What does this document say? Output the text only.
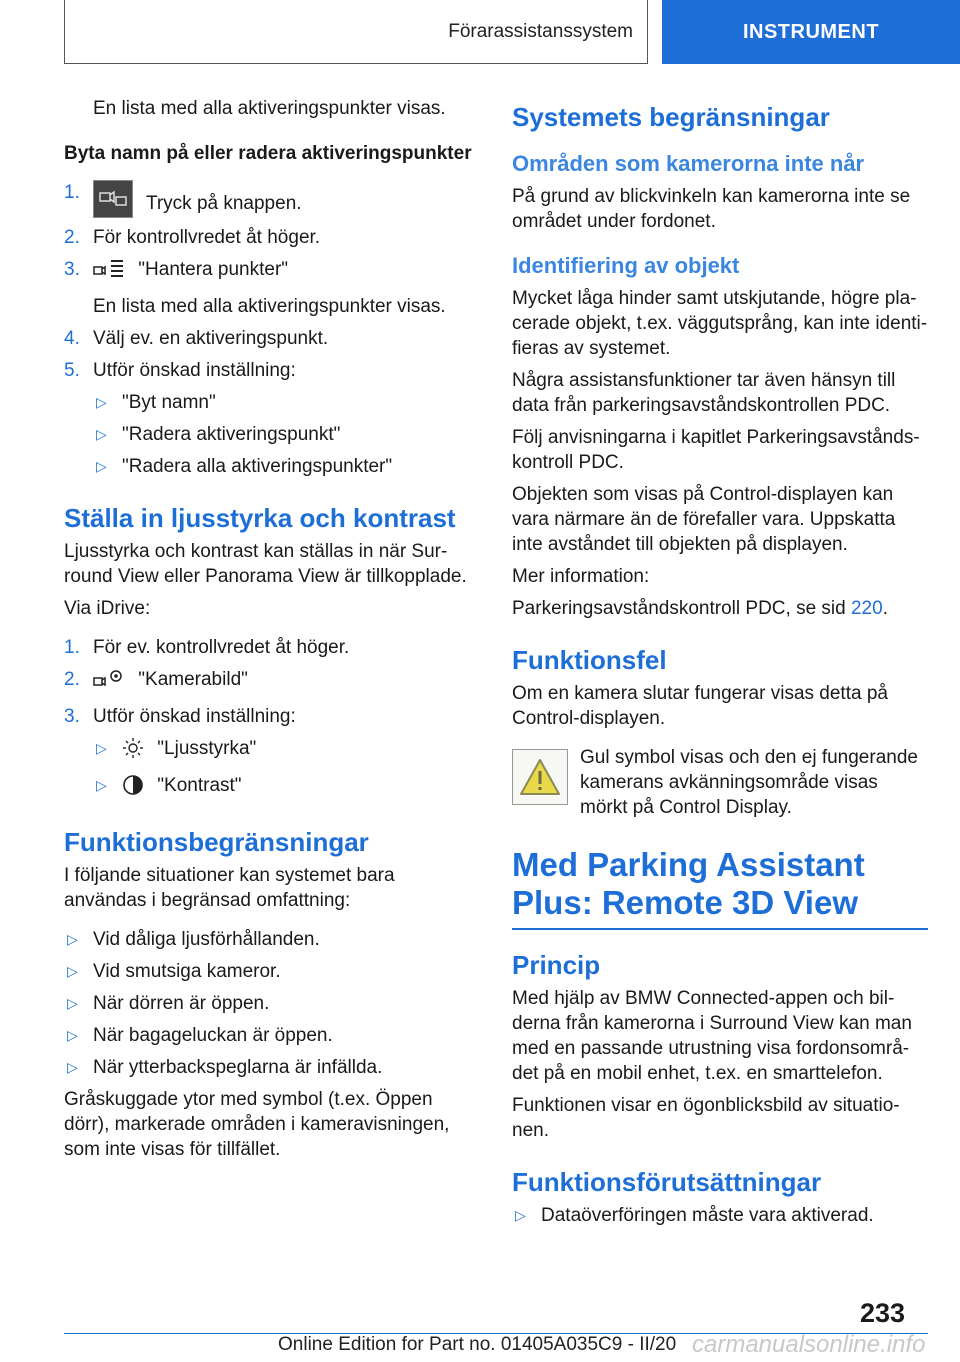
Förarassistanssystem	INSTRUMENT

En lista med alla aktiveringspunkter visas.

Byta namn på eller radera aktiveringspunkter
1.
Tryck på knappen.
2. För kontrollvredet åt höger.
3.	"Hantera punkter"
En lista med alla aktiveringspunkter visas.
4. Välj ev. en aktiveringspunkt.
5. Utför önskad inställning:
▷ "Byt namn"
▷ "Radera aktiveringspunkt"
▷ "Radera alla aktiveringspunkter"
Ställa in ljusstyrka och kontrast

Ljusstyrka och kontrast kan ställas in när Surround View eller Panorama View är tillkopplade.

Via iDrive:

1. För ev. kontrollvredet åt höger.
2.	"Kamerabild"
3. Utför önskad inställning:
▷	"Ljusstyrka"
▷	"Kontrast"
Funktionsbegränsningar

I följande situationer kan systemet bara användas i begränsad omfattning:

▷ Vid dåliga ljusförhållanden.
▷ Vid smutsiga kameror.
▷ När dörren är öppen.
▷ När bagageluckan är öppen.
▷ När ytterbackspeglarna är infällda.

Gråskuggade ytor med symbol (t.ex. Öppen dörr), markerade områden i kameravisningen, som inte visas för tillfället.

Systemets begränsningar
Områden som kamerorna inte når

På grund av blickvinkeln kan kamerorna inte se området under fordonet.

Identifiering av objekt

Mycket låga hinder samt utskjutande, högre placerade objekt, t.ex. väggutsprång, kan inte identifieras av systemet.

Några assistansfunktioner tar även hänsyn till data från parkeringsavståndskontrollen PDC.

Följ anvisningarna i kapitlet Parkeringsavståndskontroll PDC.

Objekten som visas på Control-displayen kan vara närmare än de förefaller vara. Uppskatta inte avståndet till objekten på displayen.

Mer information:

Parkeringsavståndskontroll PDC, se sid 220.

Funktionsfel

Om en kamera slutar fungerar visas detta på Control-displayen.

Gul symbol visas och den ej fungerande kamerans avkänningsområde visas mörkt på Control Display.
Med Parking Assistant Plus: Remote 3D View
Princip

Med hjälp av BMW Connected-appen och bilderna från kamerorna i Surround View kan man med en passande utrustning visa fordonsområdet på en mobil enhet, t.ex. en smarttelefon.

Funktionen visar en ögonblicksbild av situationen.

Funktionsförutsättningar
▷ Dataöverföringen måste vara aktiverad.
233
Online Edition for Part no. 01405A035C9 - II/20 carmanualsonline.info
